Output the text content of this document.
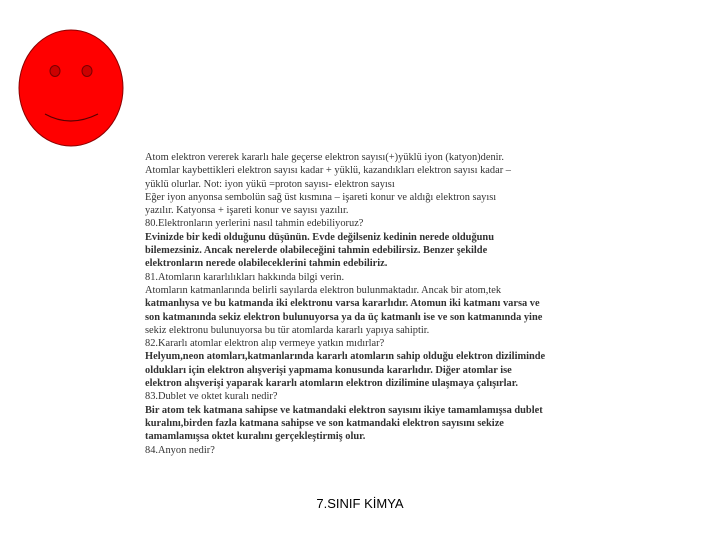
Atom elektron vererek kararlı hale geçerse elektron sayısı(+)yüklü iyon (katyon)denir.
Atomlar kaybettikleri elektron sayısı kadar + yüklü, kazandıkları elektron sayısı kadar –
yüklü olurlar. Not: iyon yükü =proton sayısı- elektron sayısı
Eğer iyon anyonsa sembolün sağ üst kısmına – işareti konur ve aldığı elektron sayısı
yazılır. Katyonsa + işareti konur ve sayısı yazılır.
80.Elektronların yerlerini nasıl tahmin edebiliyoruz?
Evinizde bir kedi olduğunu düşünün. Evde değilseniz kedinin nerede olduğunu
bilemezsiniz. Ancak nerelerde olabileceğini tahmin edebilirsiz. Benzer şekilde
elektronların nerede olabileceklerini tahmin edebiliriz.
81.Atomların kararlılıkları hakkında bilgi verin.
Atomların katmanlarında belirli sayılarda elektron bulunmaktadır. Ancak bir atom,tek
katmanlıysa ve bu katmanda iki elektronu varsa kararlıdır. Atomun iki katmanı varsa ve
son katmanında sekiz elektron bulunuyorsa ya da üç katmanlı ise ve son katmanında yine
sekiz elektronu bulunuyorsa bu tür atomlarda kararlı yapıya sahiptir.
82.Kararlı atomlar elektron alıp vermeye yatkın mıdırlar?
Helyum,neon atomları,katmanlarında kararlı atomların sahip olduğu elektron diziliminde
oldukları için elektron alışverişi yapmama konusunda kararlıdır. Diğer atomlar ise
elektron alışverişi yaparak kararlı atomların elektron dizilimine ulaşmaya çalışırlar.
83.Dublet ve oktet kuralı nedir?
Bir atom tek katmana sahipse ve katmandaki elektron sayısını ikiye tamamlamışsa dublet
kuralını,birden fazla katmana sahipse ve son katmandaki elektron sayısını sekize
tamamlamışsa oktet kuralını gerçekleştirmiş olur.
84.Anyon nedir?
7.SINIF KİMYA
